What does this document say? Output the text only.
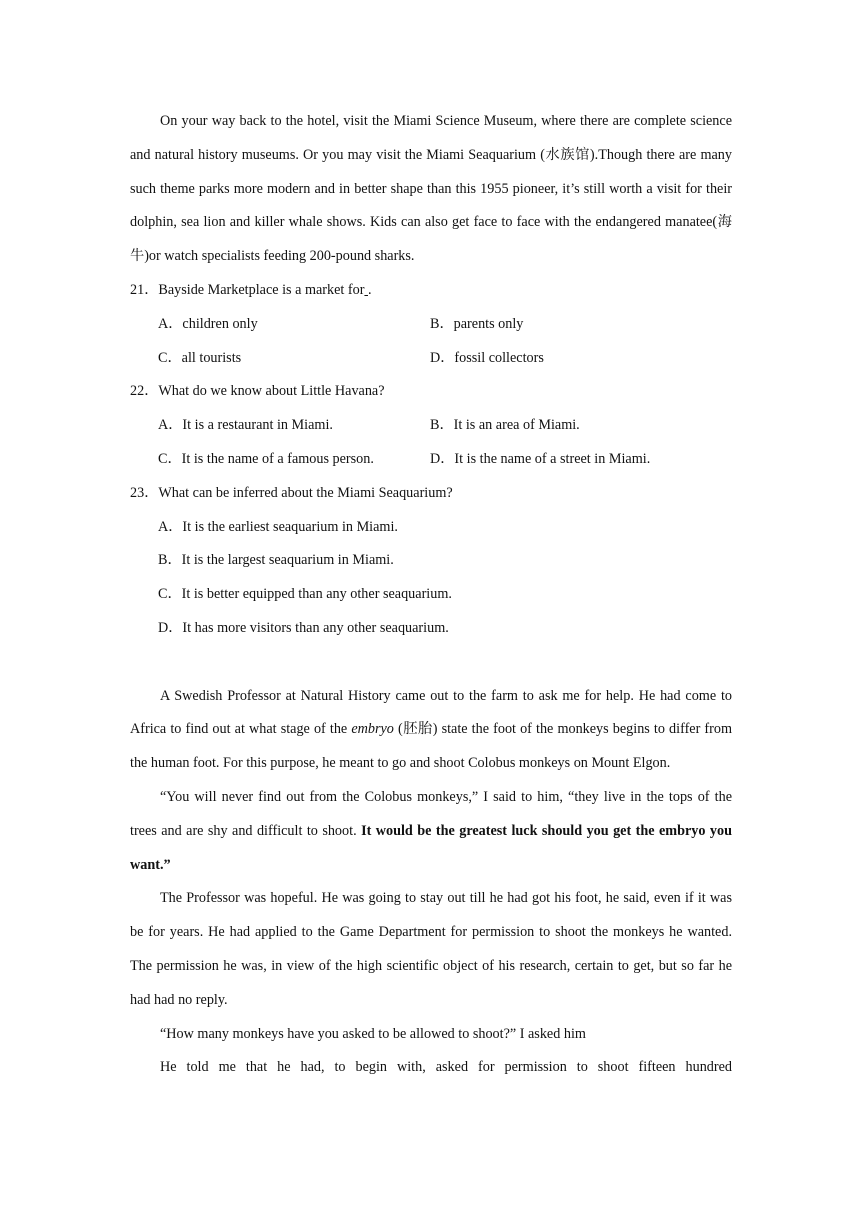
On your way back to the hotel, visit the Miami Science Museum, where there are complete science and natural history museums. Or you may visit the Miami Seaquarium (水族馆).Though there are many such theme parks more modern and in better shape than this 1955 pioneer, it’s still worth a visit for their dolphin, sea lion and killer whale shows. Kids can also get face to face with the endangered manatee(海牛)or watch specialists feeding 200-pound sharks.

21．Bayside Marketplace is a market for .

A．children only	B．parents only
C．all tourists	D．fossil collectors

22．What do we know about Little Havana?

A．It is a restaurant in Miami.	B．It is an area of Miami.
C．It is the name of a famous person.	D．It is the name of a street in Miami.

23．What can be inferred about the Miami Seaquarium?

A．It is the earliest seaquarium in Miami.

B．It is the largest seaquarium in Miami.

C．It is better equipped than any other seaquarium.

D．It has more visitors than any other seaquarium.

A Swedish Professor at Natural History came out to the farm to ask me for help. He had come to Africa to find out at what stage of the embryo (胚胎) state the foot of the monkeys begins to differ from the human foot. For this purpose, he meant to go and shoot Colobus monkeys on Mount Elgon.

“You will never find out from the Colobus monkeys,” I said to him, “they live in the tops of the trees and are shy and difficult to shoot. It would be the greatest luck should you get the embryo you want.”

The Professor was hopeful. He was going to stay out till he had got his foot, he said, even if it was be for years. He had applied to the Game Department for permission to shoot the monkeys he wanted. The permission he was, in view of the high scientific object of his research, certain to get, but so far he had had no reply.

“How many monkeys have you asked to be allowed to shoot?” I asked him

He told me that he had, to begin with, asked for permission to shoot fifteen hundred
